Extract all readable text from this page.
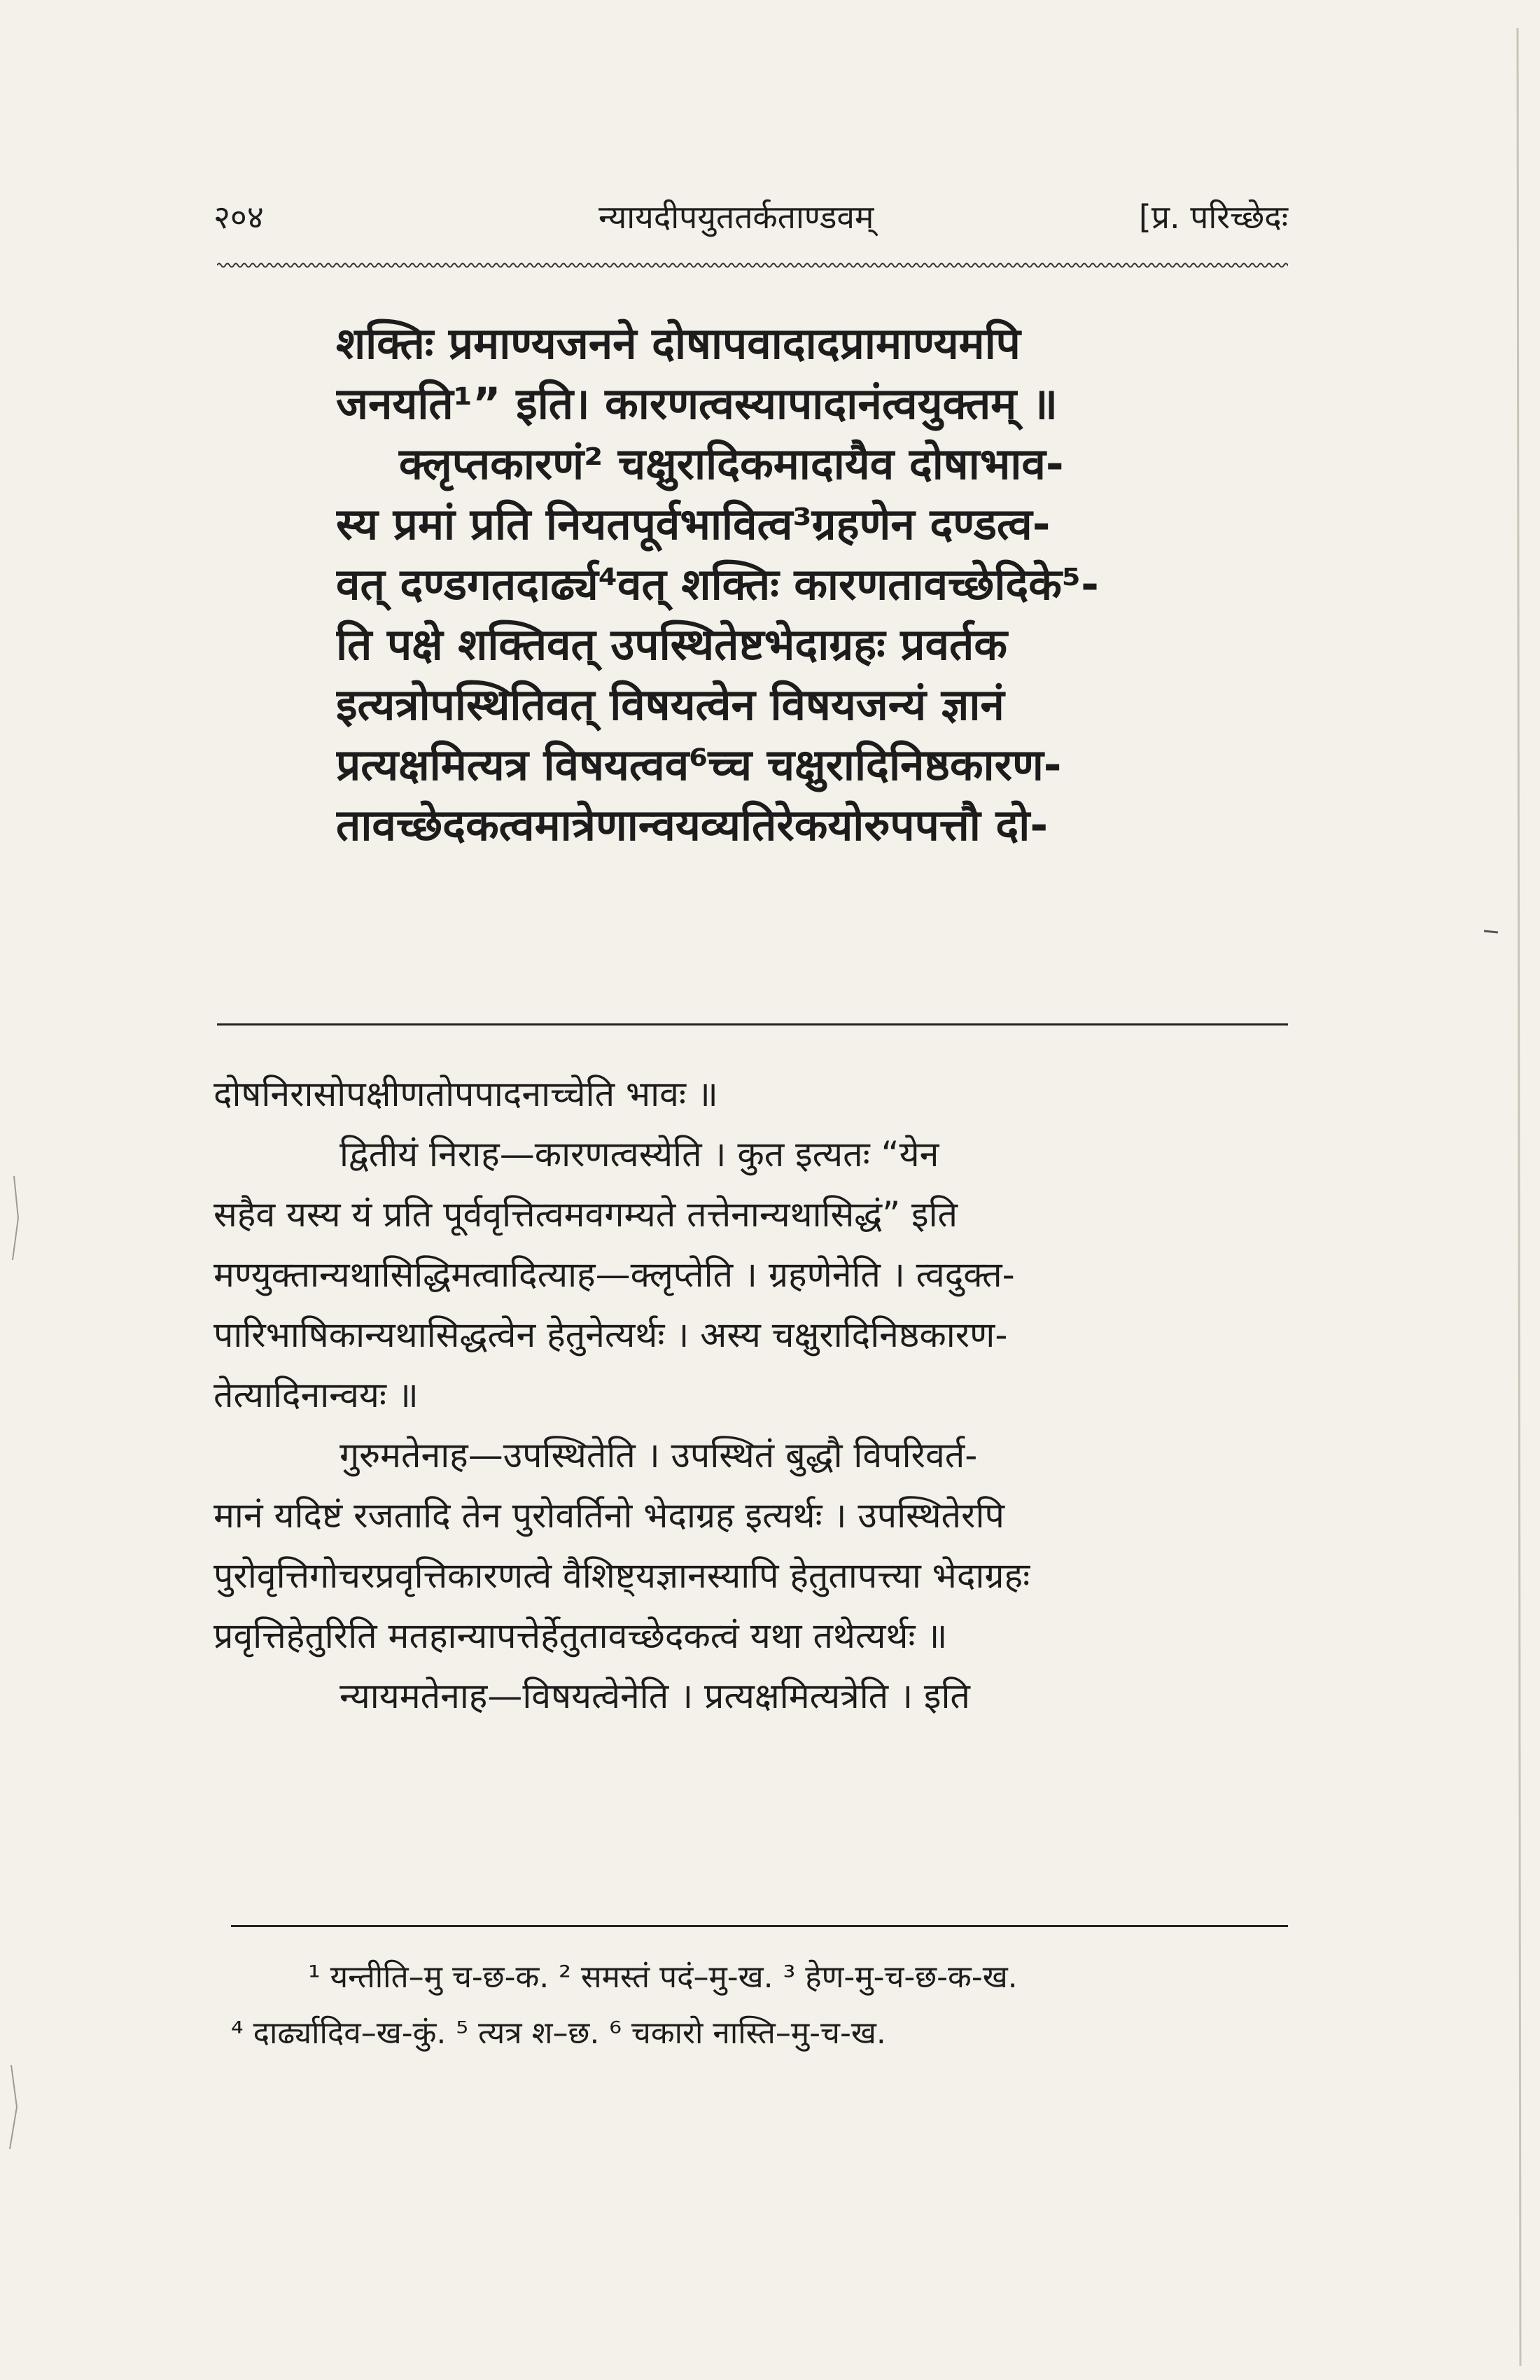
२०४	न्यायदीपयुततर्कताण्डवम्	[प्र. परिच्छेदः
शक्तिः प्रमाण्यजनने दोषापवादादप्रामाण्यमपि
जनयति¹” इति। कारणत्वस्यापादानंत्वयुक्तम् ॥
क्लृप्तकारणं² चक्षुरादिकमादायैव दोषाभाव-
स्य प्रमां प्रति नियतपूर्वभावित्व³ग्रहणेन दण्डत्व-
वत् दण्डगतदार्ढ्य⁴वत् शक्तिः कारणतावच्छेदिके⁵-
ति पक्षे शक्तिवत् उपस्थितेष्टभेदाग्रहः प्रवर्तक
इत्यत्रोपस्थितिवत् विषयत्वेन विषयजन्यं ज्ञानं
प्रत्यक्षमित्यत्र विषयत्वव⁶च्च चक्षुरादिनिष्ठकारण-
तावच्छेदकत्वमात्रेणान्वयव्यतिरेकयोरुपपत्तौ दो-
दोषनिरासोपक्षीणतोपपादनाच्चेति भावः ॥
द्वितीयं निराह—कारणत्वस्येति । कुत इत्यतः “येन
सहैव यस्य यं प्रति पूर्ववृत्तित्वमवगम्यते तत्तेनान्यथासिद्धं” इति
मण्युक्तान्यथासिद्धिमत्वादित्याह—क्लृप्तेति । ग्रहणेनेति । त्वदुक्त-
पारिभाषिकान्यथासिद्धत्वेन हेतुनेत्यर्थः । अस्य चक्षुरादिनिष्ठकारण-
तेत्यादिनान्वयः ॥
गुरुमतेनाह—उपस्थितेति । उपस्थितं बुद्धौ विपरिवर्त-
मानं यदिष्टं रजतादि तेन पुरोवर्तिनो भेदाग्रह इत्यर्थः । उपस्थितेरपि
पुरोवृत्तिगोचरप्रवृत्तिकारणत्वे वैशिष्ट्यज्ञानस्यापि हेतुतापत्त्या भेदाग्रहः
प्रवृत्तिहेतुरिति मतहान्यापत्तेर्हेतुतावच्छेदकत्वं यथा तथेत्यर्थः ॥
न्यायमतेनाह—विषयत्वेनेति । प्रत्यक्षमित्यत्रेति । इति
¹ यन्तीति–मु च-छ-क. ² समस्तं पदं–मु-ख. ³ हेण-मु-च-छ-क-ख.
⁴ दार्ढ्यादिव–ख-कुं. ⁵ त्यत्र श–छ. ⁶ चकारो नास्ति–मु-च-ख.
